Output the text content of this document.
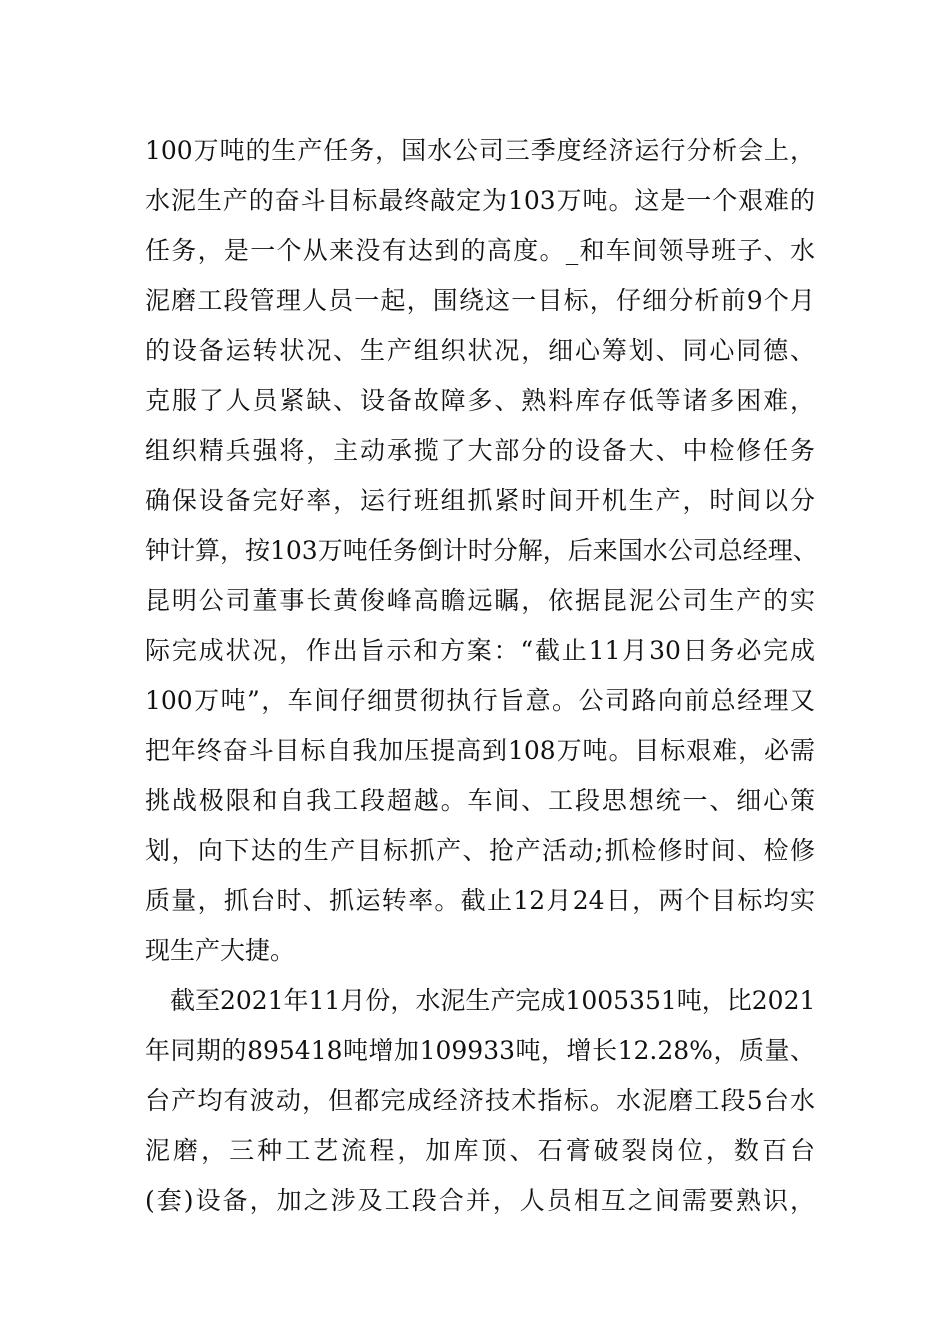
100万吨的生产任务，国水公司三季度经济运行分析会上，
水泥生产的奋斗目标最终敲定为103万吨。这是一个艰难的
任务，是一个从来没有达到的高度。_和车间领导班子、水
泥磨工段管理人员一起，围绕这一目标，仔细分析前9个月
的设备运转状况、生产组织状况，细心筹划、同心同德、
克服了人员紧缺、设备故障多、熟料库存低等诸多困难，
组织精兵强将，主动承揽了大部分的设备大、中检修任务
确保设备完好率，运行班组抓紧时间开机生产，时间以分
钟计算，按103万吨任务倒计时分解，后来国水公司总经理、
昆明公司董事长黄俊峰高瞻远瞩，依据昆泥公司生产的实
际完成状况，作出旨示和方案：“截止11月30日务必完成
100万吨”，车间仔细贯彻执行旨意。公司路向前总经理又
把年终奋斗目标自我加压提高到108万吨。目标艰难，必需
挑战极限和自我工段超越。车间、工段思想统一、细心策
划，向下达的生产目标抓产、抢产活动;抓检修时间、检修
质量，抓台时、抓运转率。截止12月24日，两个目标均实
现生产大捷。
截至2021年11月份，水泥生产完成1005351吨，比2021
年同期的895418吨增加109933吨，增长12.28%，质量、
台产均有波动，但都完成经济技术指标。水泥磨工段5台水
泥磨，三种工艺流程，加库顶、石膏破裂岗位，数百台
(套)设备，加之涉及工段合并，人员相互之间需要熟识，
